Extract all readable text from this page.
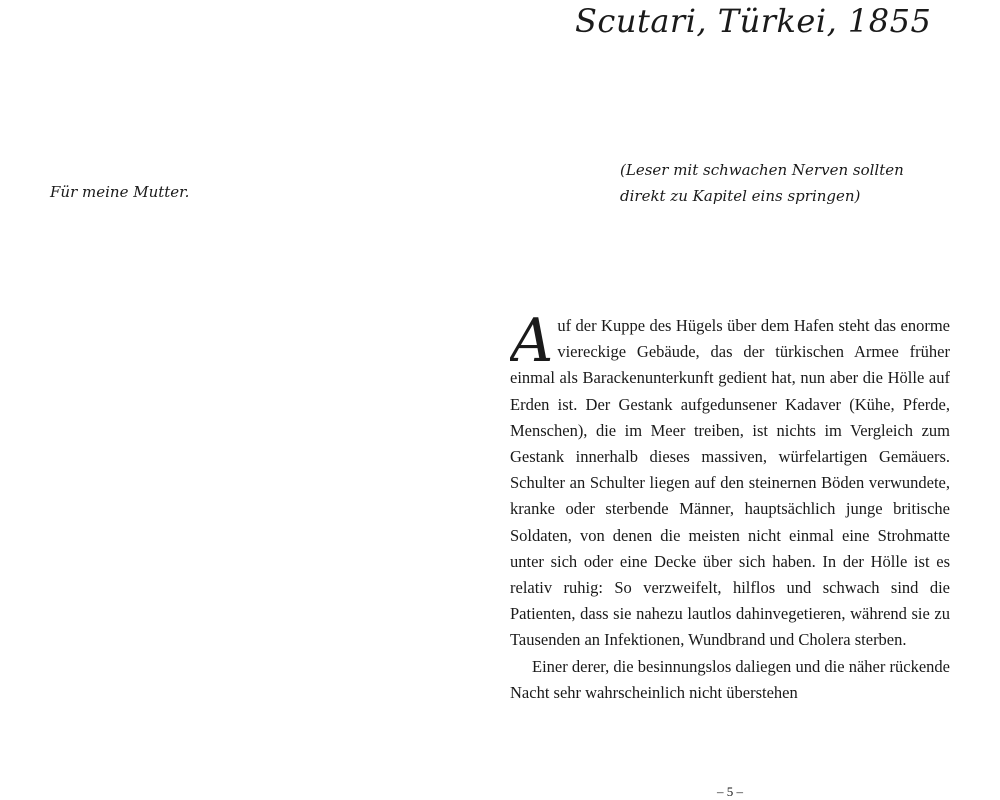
Scutari, Türkei, 1855
Für meine Mutter.
(Leser mit schwachen Nerven sollten
direkt zu Kapitel eins springen)

Auf der Kuppe des Hügels über dem Hafen steht das enorme viereckige Gebäude, das der türkischen Armee früher einmal als Barackenunterkunft gedient hat, nun aber die Hölle auf Erden ist. Der Gestank aufgedunsener Kadaver (Kühe, Pferde, Menschen), die im Meer treiben, ist nichts im Vergleich zum Gestank innerhalb dieses massiven, würfelartigen Gemäuers. Schulter an Schulter liegen auf den steinernen Böden verwundete, kranke oder sterbende Männer, hauptsächlich junge britische Soldaten, von denen die meisten nicht einmal eine Strohmatte unter sich oder eine Decke über sich haben. In der Hölle ist es relativ ruhig: So verzweifelt, hilflos und schwach sind die Patienten, dass sie nahezu lautlos dahinvegetieren, während sie zu Tausenden an Infektionen, Wundbrand und Cholera sterben.

Einer derer, die besinnungslos daliegen und die näher rückende Nacht sehr wahrscheinlich nicht überstehen

– 5 –
